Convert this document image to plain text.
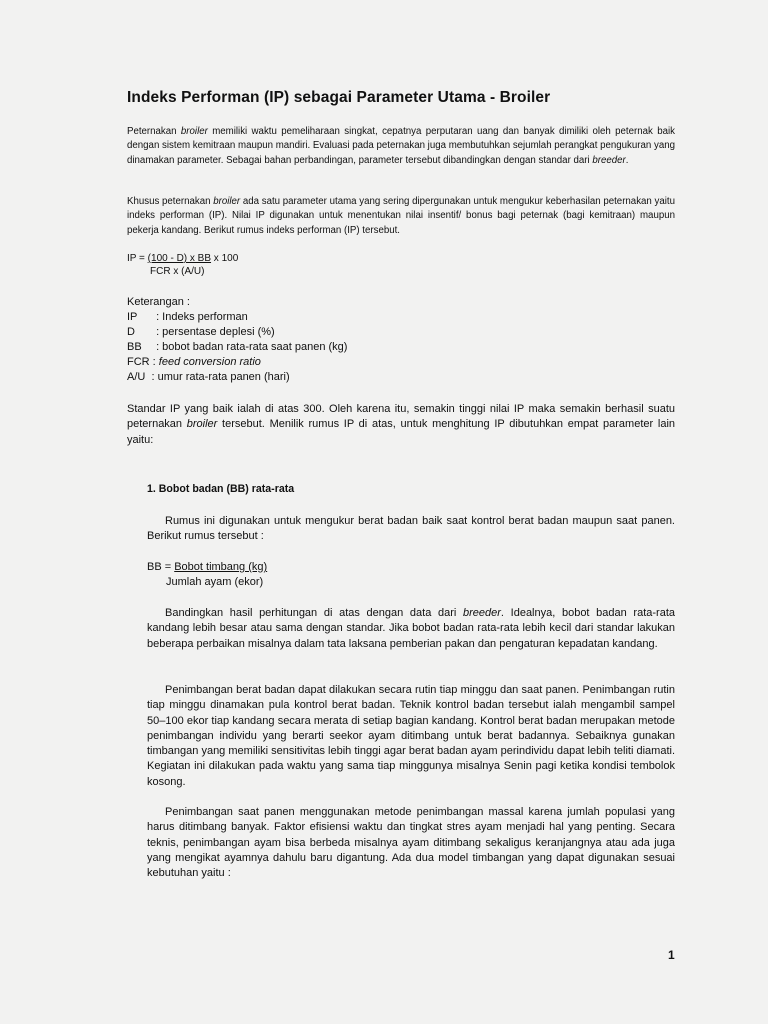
Indeks Performan (IP) sebagai Parameter Utama - Broiler
Peternakan broiler memiliki waktu pemeliharaan singkat, cepatnya perputaran uang dan banyak dimiliki oleh peternak baik dengan sistem kemitraan maupun mandiri. Evaluasi pada peternakan juga membutuhkan sejumlah perangkat pengukuran yang dinamakan parameter. Sebagai bahan perbandingan, parameter tersebut dibandingkan dengan standar dari breeder.
Khusus peternakan broiler ada satu parameter utama yang sering dipergunakan untuk mengukur keberhasilan peternakan yaitu indeks performan (IP). Nilai IP digunakan untuk menentukan nilai insentif/ bonus bagi peternak (bagi kemitraan) maupun pekerja kandang. Berikut rumus indeks performan (IP) tersebut.
IP = (100 - D) x BB x 100
FCR x (A/U)
Keterangan :
IP : Indeks performan
D : persentase deplesi (%)
BB : bobot badan rata-rata saat panen (kg)
FCR : feed conversion ratio
A/U : umur rata-rata panen (hari)
Standar IP yang baik ialah di atas 300. Oleh karena itu, semakin tinggi nilai IP maka semakin berhasil suatu peternakan broiler tersebut. Menilik rumus IP di atas, untuk menghitung IP dibutuhkan empat parameter lain yaitu:
1. Bobot badan (BB) rata-rata
Rumus ini digunakan untuk mengukur berat badan baik saat kontrol berat badan maupun saat panen. Berikut rumus tersebut :
BB = Bobot timbang (kg)
Jumlah ayam (ekor)
Bandingkan hasil perhitungan di atas dengan data dari breeder. Idealnya, bobot badan rata-rata kandang lebih besar atau sama dengan standar. Jika bobot badan rata-rata lebih kecil dari standar lakukan beberapa perbaikan misalnya dalam tata laksana pemberian pakan dan pengaturan kepadatan kandang.
Penimbangan berat badan dapat dilakukan secara rutin tiap minggu dan saat panen. Penimbangan rutin tiap minggu dinamakan pula kontrol berat badan. Teknik kontrol badan tersebut ialah mengambil sampel 50–100 ekor tiap kandang secara merata di setiap bagian kandang. Kontrol berat badan merupakan metode penimbangan individu yang berarti seekor ayam ditimbang untuk berat badannya. Sebaiknya gunakan timbangan yang memiliki sensitivitas lebih tinggi agar berat badan ayam perindividu dapat lebih teliti diamati. Kegiatan ini dilakukan pada waktu yang sama tiap minggunya misalnya Senin pagi ketika kondisi tembolok kosong.
Penimbangan saat panen menggunakan metode penimbangan massal karena jumlah populasi yang harus ditimbang banyak. Faktor efisiensi waktu dan tingkat stres ayam menjadi hal yang penting. Secara teknis, penimbangan ayam bisa berbeda misalnya ayam ditimbang sekaligus keranjangnya atau ada juga yang mengikat ayamnya dahulu baru digantung. Ada dua model timbangan yang dapat digunakan sesuai kebutuhan yaitu :
1
